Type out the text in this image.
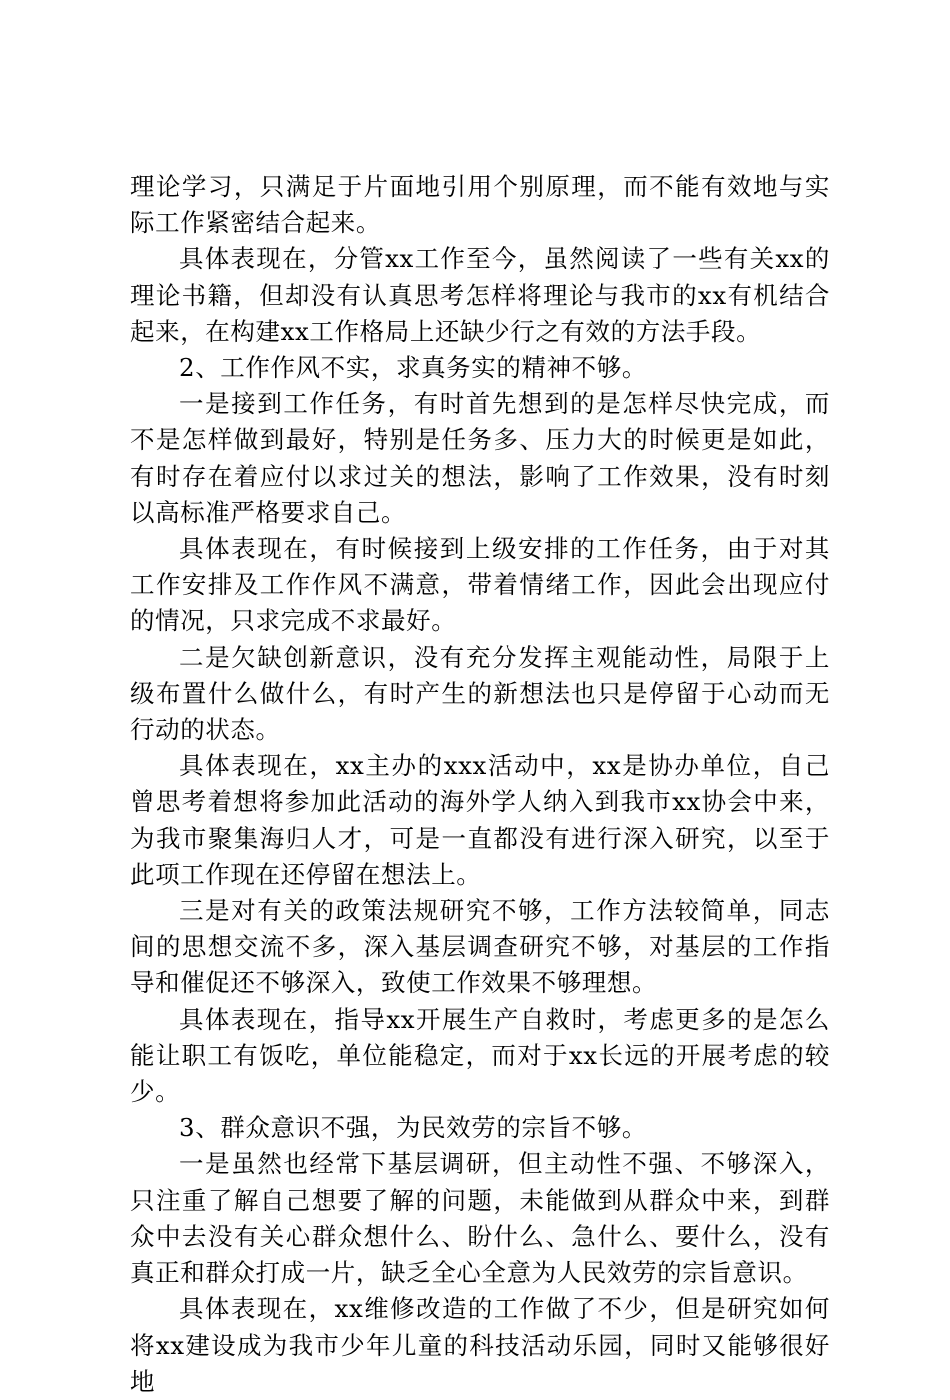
理论学习，只满足于片面地引用个别原理，而不能有效地与实际工作紧密结合起来。

具体表现在，分管xx工作至今，虽然阅读了一些有关xx的理论书籍，但却没有认真思考怎样将理论与我市的xx有机结合起来，在构建xx工作格局上还缺少行之有效的方法手段。

2、工作作风不实，求真务实的精神不够。

一是接到工作任务，有时首先想到的是怎样尽快完成，而不是怎样做到最好，特别是任务多、压力大的时候更是如此，有时存在着应付以求过关的想法，影响了工作效果，没有时刻以高标准严格要求自己。

具体表现在，有时候接到上级安排的工作任务，由于对其工作安排及工作作风不满意，带着情绪工作，因此会出现应付的情况，只求完成不求最好。

二是欠缺创新意识，没有充分发挥主观能动性，局限于上级布置什么做什么，有时产生的新想法也只是停留于心动而无行动的状态。

具体表现在，xx主办的xxx活动中，xx是协办单位，自己曾思考着想将参加此活动的海外学人纳入到我市xx协会中来，为我市聚集海归人才，可是一直都没有进行深入研究，以至于此项工作现在还停留在想法上。

三是对有关的政策法规研究不够，工作方法较简单，同志间的思想交流不多，深入基层调查研究不够，对基层的工作指导和催促还不够深入，致使工作效果不够理想。

具体表现在，指导xx开展生产自救时，考虑更多的是怎么能让职工有饭吃，单位能稳定，而对于xx长远的开展考虑的较少。

3、群众意识不强，为民效劳的宗旨不够。

一是虽然也经常下基层调研，但主动性不强、不够深入，只注重了解自己想要了解的问题，未能做到从群众中来，到群众中去没有关心群众想什么、盼什么、急什么、要什么，没有真正和群众打成一片，缺乏全心全意为人民效劳的宗旨意识。

具体表现在，xx维修改造的工作做了不少，但是研究如何将xx建设成为我市少年儿童的科技活动乐园，同时又能够很好地
